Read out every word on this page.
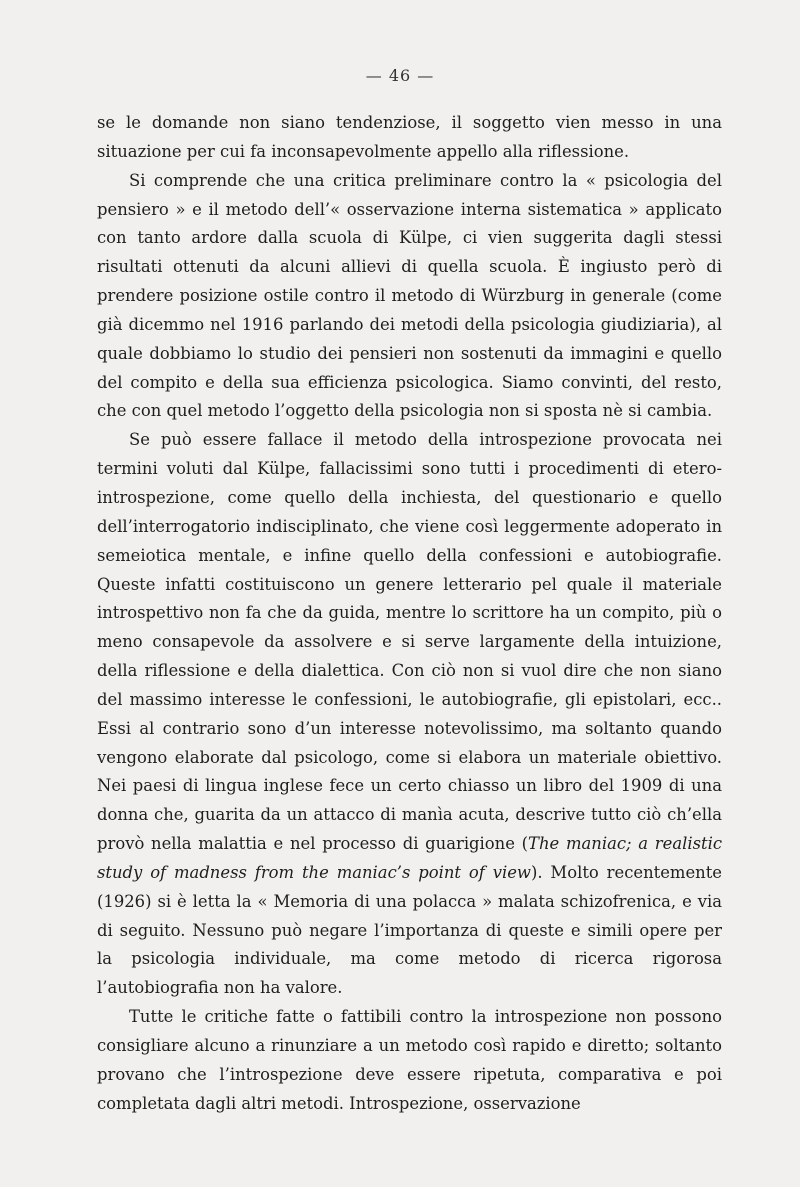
— 46 —

se le domande non siano tendenziose, il soggetto vien messo in una situazione per cui fa inconsapevolmente appello alla riflessione.

Si comprende che una critica preliminare contro la « psicologia del pensiero » e il metodo dell’« osservazione interna sistematica » applicato con tanto ardore dalla scuola di Külpe, ci vien suggerita dagli stessi risultati ottenuti da alcuni allievi di quella scuola. È ingiusto però di prendere posizione ostile contro il metodo di Würzburg in generale (come già dicemmo nel 1916 parlando dei metodi della psicologia giudiziaria), al quale dobbiamo lo studio dei pensieri non sostenuti da immagini e quello del compito e della sua efficienza psicologica. Siamo convinti, del resto, che con quel metodo l’oggetto della psicologia non si sposta nè si cambia.

Se può essere fallace il metodo della introspezione provocata nei termini voluti dal Külpe, fallacissimi sono tutti i procedimenti di etero-introspezione, come quello della inchiesta, del questionario e quello dell’interrogatorio indisciplinato, che viene così leggermente adoperato in semeiotica mentale, e infine quello della confessioni e autobiografie. Queste infatti costituiscono un genere letterario pel quale il materiale introspettivo non fa che da guida, mentre lo scrittore ha un compito, più o meno consapevole da assolvere e si serve largamente della intuizione, della riflessione e della dialettica. Con ciò non si vuol dire che non siano del massimo interesse le confessioni, le autobiografie, gli epistolari, ecc.. Essi al contrario sono d’un interesse notevolissimo, ma soltanto quando vengono elaborate dal psicologo, come si elabora un materiale obiettivo. Nei paesi di lingua inglese fece un certo chiasso un libro del 1909 di una donna che, guarita da un attacco di manìa acuta, descrive tutto ciò ch’ella provò nella malattia e nel processo di guarigione (The maniac; a realistic study of madness from the maniac’s point of view). Molto recentemente (1926) si è letta la « Memoria di una polacca » malata schizofrenica, e via di seguito. Nessuno può negare l’importanza di queste e simili opere per la psicologia individuale, ma come metodo di ricerca rigorosa l’autobiografia non ha valore.

Tutte le critiche fatte o fattibili contro la introspezione non possono consigliare alcuno a rinunziare a un metodo così rapido e diretto; soltanto provano che l’introspezione deve essere ripetuta, comparativa e poi completata dagli altri metodi. Introspezione, osservazione
